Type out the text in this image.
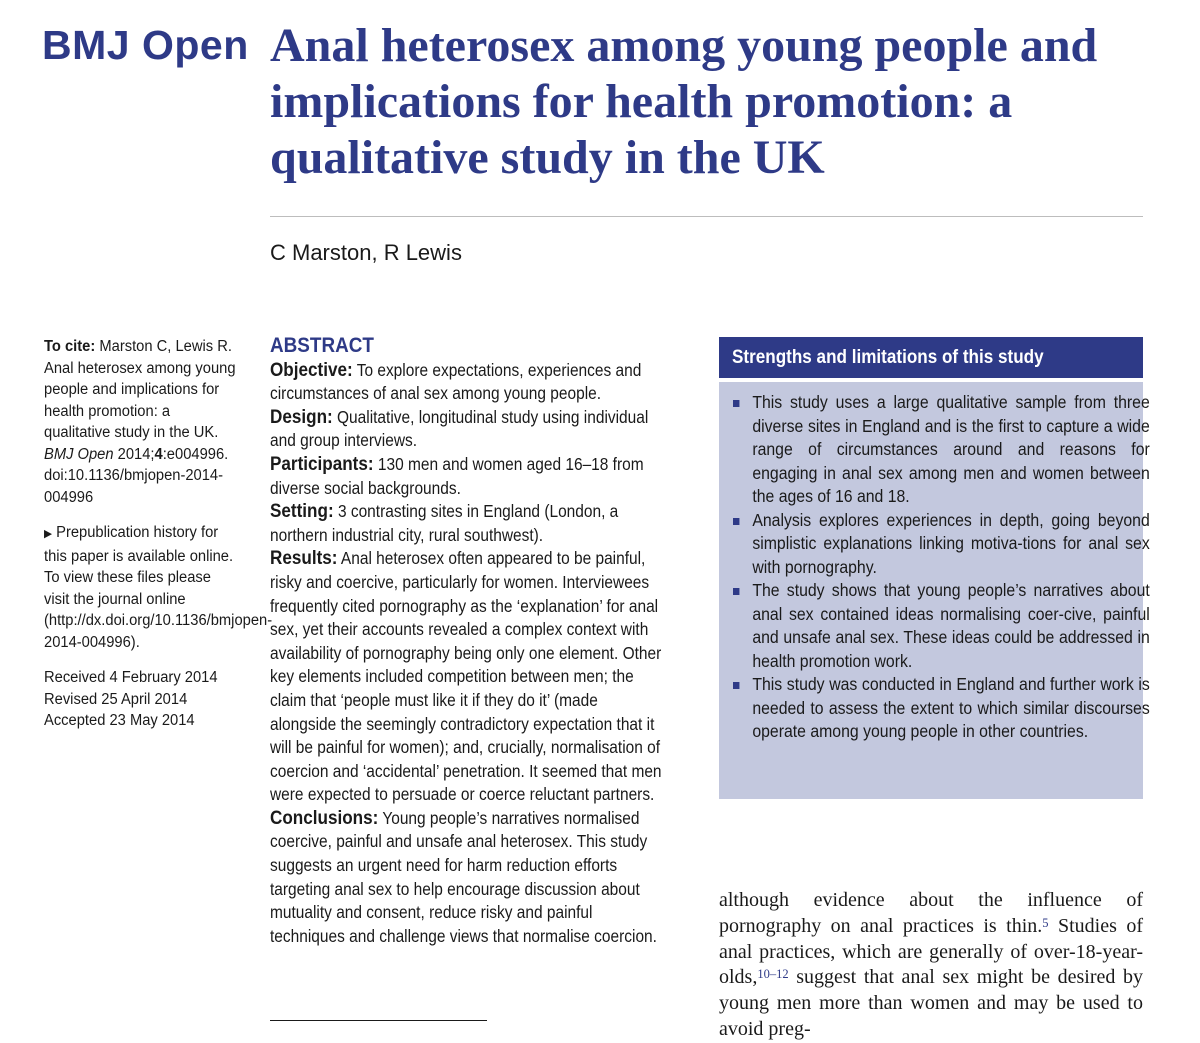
BMJ Open Anal heterosex among young people and implications for health promotion: a qualitative study in the UK
C Marston, R Lewis

To cite: Marston C, Lewis R. Anal heterosex among young people and implications for health promotion: a qualitative study in the UK. BMJ Open 2014;4:e004996. doi:10.1136/bmjopen-2014-004996

▶ Prepublication history for this paper is available online. To view these files please visit the journal online (http://dx.doi.org/10.1136/bmjopen-2014-004996).

Received 4 February 2014
Revised 25 April 2014
Accepted 23 May 2014
ABSTRACT

Objective: To explore expectations, experiences and circumstances of anal sex among young people.

Design: Qualitative, longitudinal study using individual and group interviews.

Participants: 130 men and women aged 16–18 from diverse social backgrounds.

Setting: 3 contrasting sites in England (London, a northern industrial city, rural southwest).

Results: Anal heterosex often appeared to be painful, risky and coercive, particularly for women. Interviewees frequently cited pornography as the ‘explanation’ for anal sex, yet their accounts revealed a complex context with availability of pornography being only one element. Other key elements included competition between men; the claim that ‘people must like it if they do it’ (made alongside the seemingly contradictory expectation that it will be painful for women); and, crucially, normalisation of coercion and ‘accidental’ penetration. It seemed that men were expected to persuade or coerce reluctant partners.

Conclusions: Young people’s narratives normalised coercive, painful and unsafe anal heterosex. This study suggests an urgent need for harm reduction efforts targeting anal sex to help encourage discussion about mutuality and consent, reduce risky and painful techniques and challenge views that normalise coercion.

Strengths and limitations of this study
This study uses a large qualitative sample from three diverse sites in England and is the first to capture a wide range of circumstances around and reasons for engaging in anal sex among men and women between the ages of 16 and 18.
Analysis explores experiences in depth, going beyond simplistic explanations linking motiva-tions for anal sex with pornography.
The study shows that young people’s narratives about anal sex contained ideas normalising coer-cive, painful and unsafe anal sex. These ideas could be addressed in health promotion work.
This study was conducted in England and further work is needed to assess the extent to which similar discourses operate among young people in other countries.

although evidence about the influence of pornography on anal practices is thin.$^5$ Studies of anal practices, which are generally of over-18-year-olds,$^{10-12}$ suggest that anal sex might be desired by young men more than women and may be used to avoid preg-
